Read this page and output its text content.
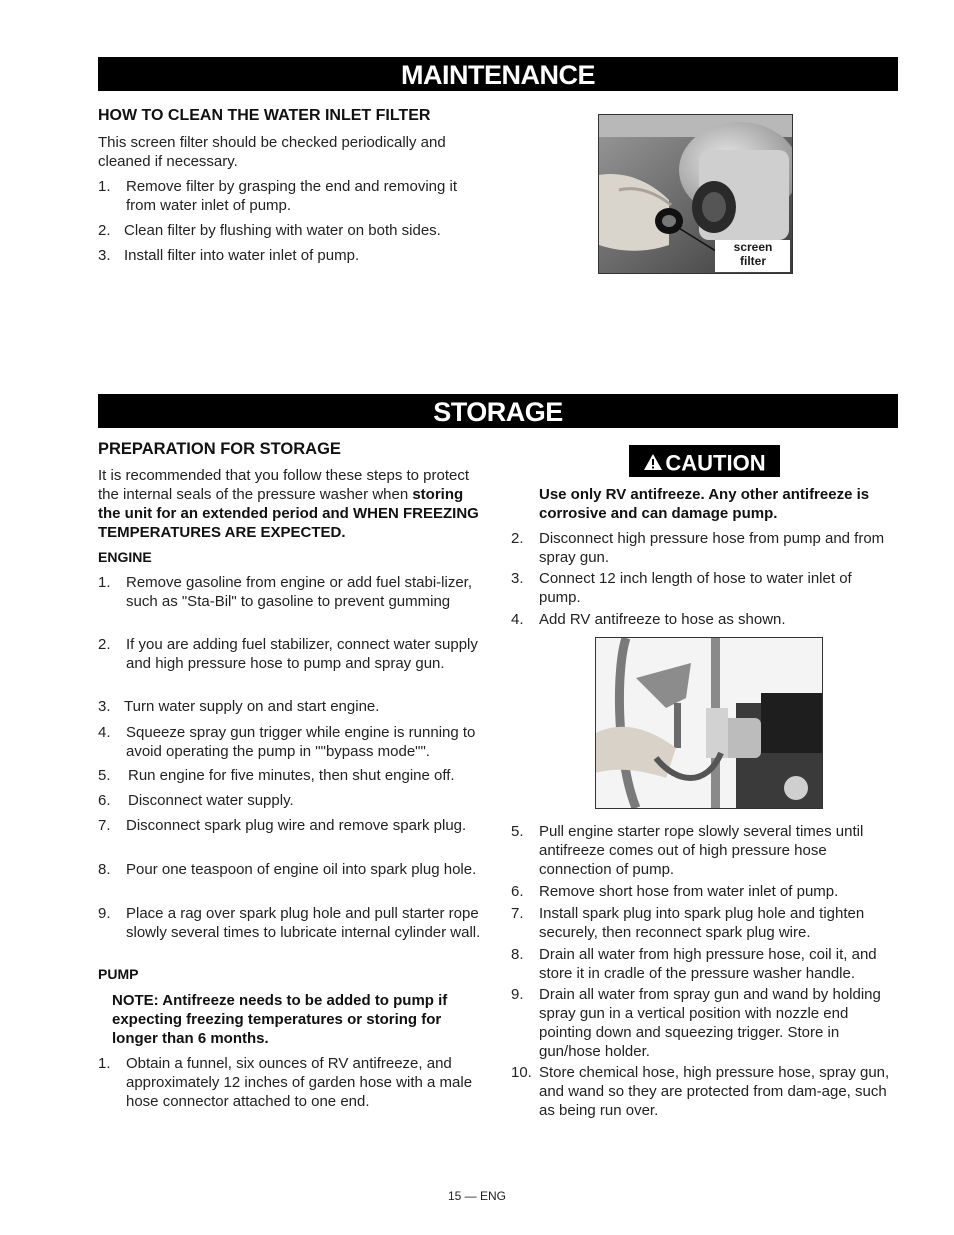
MAINTENANCE
HOW TO CLEAN THE WATER INLET FILTER
This screen filter should be checked periodically and cleaned if necessary.
1.	Remove filter by grasping the end and removing it from water inlet of pump.
2. Clean filter by flushing with water on both sides.
3. Install filter into water inlet of pump.	screen
filter
STORAGE
PREPARATION FOR STORAGE
It is recommended that you follow these steps to protect the internal seals of the pressure washer when storing the unit for an extended period and WHEN FREEZING TEMPERATURES ARE EXPECTED.
ENGINE
1.	Remove gasoline from engine or add fuel stabi-lizer, such as "Sta-Bil" to gasoline to prevent gumming
2.	If you are adding fuel stabilizer, connect water supply and high pressure hose to pump and spray gun.
3. Turn water supply on and start engine.
4.	Squeeze spray gun trigger while engine is running to avoid operating the pump in ""bypass mode"".
5.	Run engine for five minutes, then shut engine off.
6.	Disconnect water supply.
7.	Disconnect spark plug wire and remove spark plug.
8.	Pour one teaspoon of engine oil into spark plug hole.
9.	Place a rag over spark plug hole and pull starter rope slowly several times to lubricate internal cylinder wall.
PUMP
NOTE: Antifreeze needs to be added to pump if expecting freezing temperatures or storing for longer than 6 months.
1.	Obtain a funnel, six ounces of RV antifreeze, and approximately 12 inches of garden hose with a male hose connector attached to one end.
CAUTION
Use only RV antifreeze. Any other antifreeze is corrosive and can damage pump.
2.	Disconnect high pressure hose from pump and from spray gun.
3.	Connect 12 inch length of hose to water inlet of pump.
4.	Add RV antifreeze to hose as shown.
5.	Pull engine starter rope slowly several times until antifreeze comes out of high pressure hose connection of pump.
6.	Remove short hose from water inlet of pump.
7.	Install spark plug into spark plug hole and tighten securely, then reconnect spark plug wire.
8.	Drain all water from high pressure hose, coil it, and store it in cradle of the pressure washer handle.
9.	Drain all water from spray gun and wand by holding spray gun in a vertical position with nozzle end pointing down and squeezing trigger. Store in gun/hose holder.
10. Store chemical hose, high pressure hose, spray gun, and wand so they are protected from dam-age, such as being run over.
15 — ENG
